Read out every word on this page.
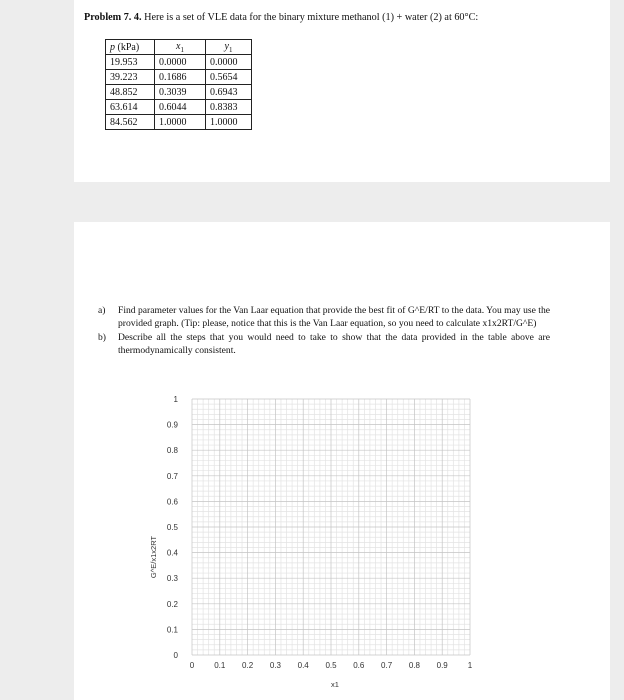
Problem 7. 4. Here is a set of VLE data for the binary mixture methanol (1) + water (2) at 60°C:
p (kPa)	$x_1$	$y_1$
19.953	0.0000	0.0000
39.223	0.1686	0.5654
48.852	0.3039	0.6943
63.614	0.6044	0.8383
84.562	1.0000	1.0000

a) Find parameter values for the Van Laar equation that provide the best fit of G^E/RT to the data. You may use the provided graph. (Tip: please, notice that this is the Van Laar equation, so you need to calculate x1x2RT/G^E)

b) Describe all the steps that you would need to take to show that the data provided in the table above are thermodynamically consistent.

0
0.1
0.2
0.3
0.4
0.5
0.6
0.7
0.8
0.9
1
0	0.1 0.2 0.3 0.4 0.5 0.6 0.7 0.8 0.9	1
G^E/x1x2RT
x1
